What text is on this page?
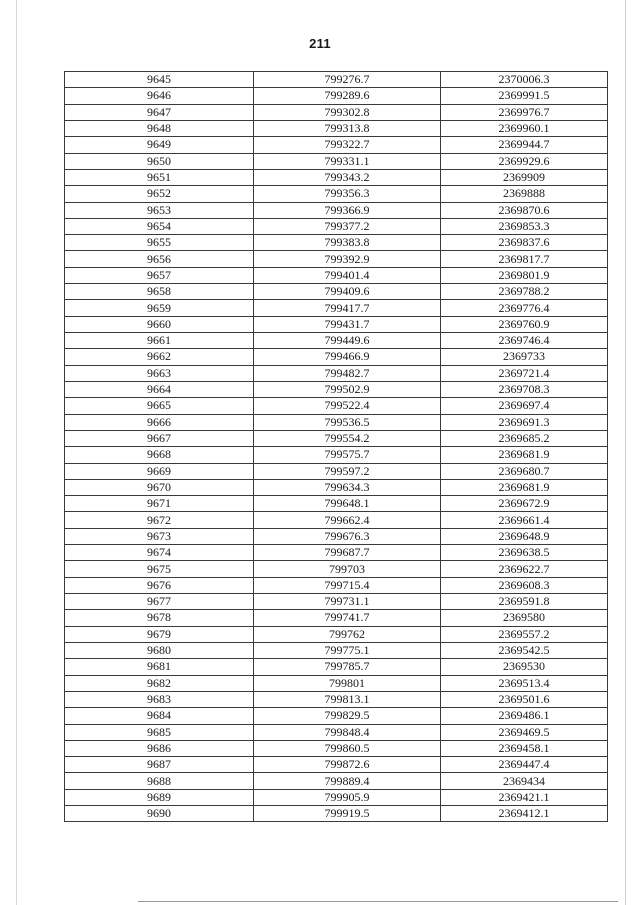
211
9645	799276.7	2370006.3
9646	799289.6	2369991.5
9647	799302.8	2369976.7
9648	799313.8	2369960.1
9649	799322.7	2369944.7
9650	799331.1	2369929.6
9651	799343.2	2369909
9652	799356.3	2369888
9653	799366.9	2369870.6
9654	799377.2	2369853.3
9655	799383.8	2369837.6
9656	799392.9	2369817.7
9657	799401.4	2369801.9
9658	799409.6	2369788.2
9659	799417.7	2369776.4
9660	799431.7	2369760.9
9661	799449.6	2369746.4
9662	799466.9	2369733
9663	799482.7	2369721.4
9664	799502.9	2369708.3
9665	799522.4	2369697.4
9666	799536.5	2369691.3
9667	799554.2	2369685.2
9668	799575.7	2369681.9
9669	799597.2	2369680.7
9670	799634.3	2369681.9
9671	799648.1	2369672.9
9672	799662.4	2369661.4
9673	799676.3	2369648.9
9674	799687.7	2369638.5
9675	799703	2369622.7
9676	799715.4	2369608.3
9677	799731.1	2369591.8
9678	799741.7	2369580
9679	799762	2369557.2
9680	799775.1	2369542.5
9681	799785.7	2369530
9682	799801	2369513.4
9683	799813.1	2369501.6
9684	799829.5	2369486.1
9685	799848.4	2369469.5
9686	799860.5	2369458.1
9687	799872.6	2369447.4
9688	799889.4	2369434
9689	799905.9	2369421.1
9690	799919.5	2369412.1
